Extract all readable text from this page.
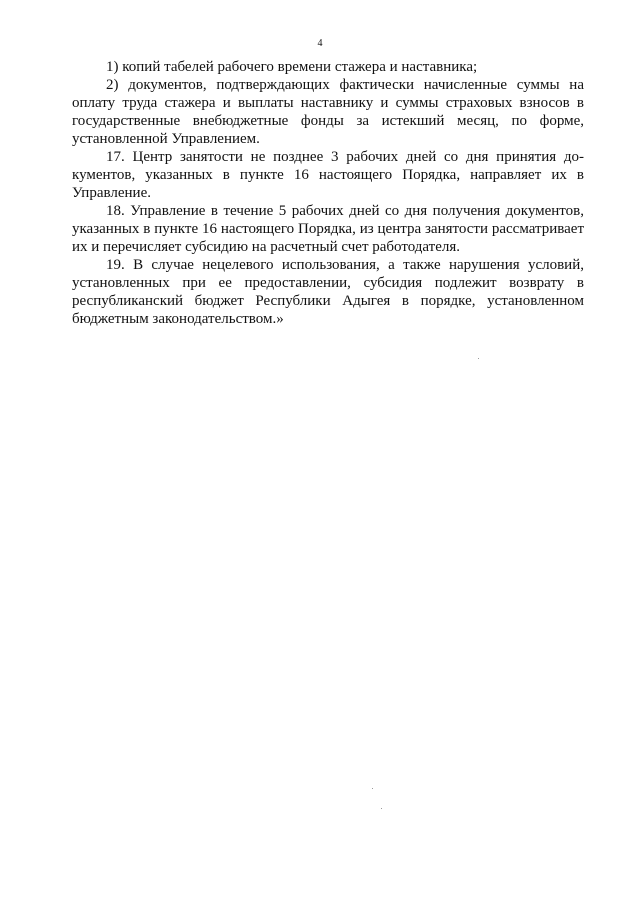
4

1) копий табелей рабочего времени стажера и наставника;

2) документов, подтверждающих фактически начисленные суммы на оплату труда стажера и выплаты наставнику и суммы страховых взносов в государственные внебюджетные фонды за истекший месяц, по форме, установленной Управлением.

17. Центр занятости не позднее 3 рабочих дней со дня принятия документов, указанных в пункте 16 настоящего Порядка, направляет их в Управление.

18. Управление в течение 5 рабочих дней со дня получения документов, указанных в пункте 16 настоящего Порядка, из центра занятости рассматривает их и перечисляет субсидию на расчетный счет работодателя.

19. В случае нецелевого использования, а также нарушения условий, установленных при ее предоставлении, субсидия подлежит возврату в республиканский бюджет Республики Адыгея в порядке, установленном бюджетным законодательством.»
